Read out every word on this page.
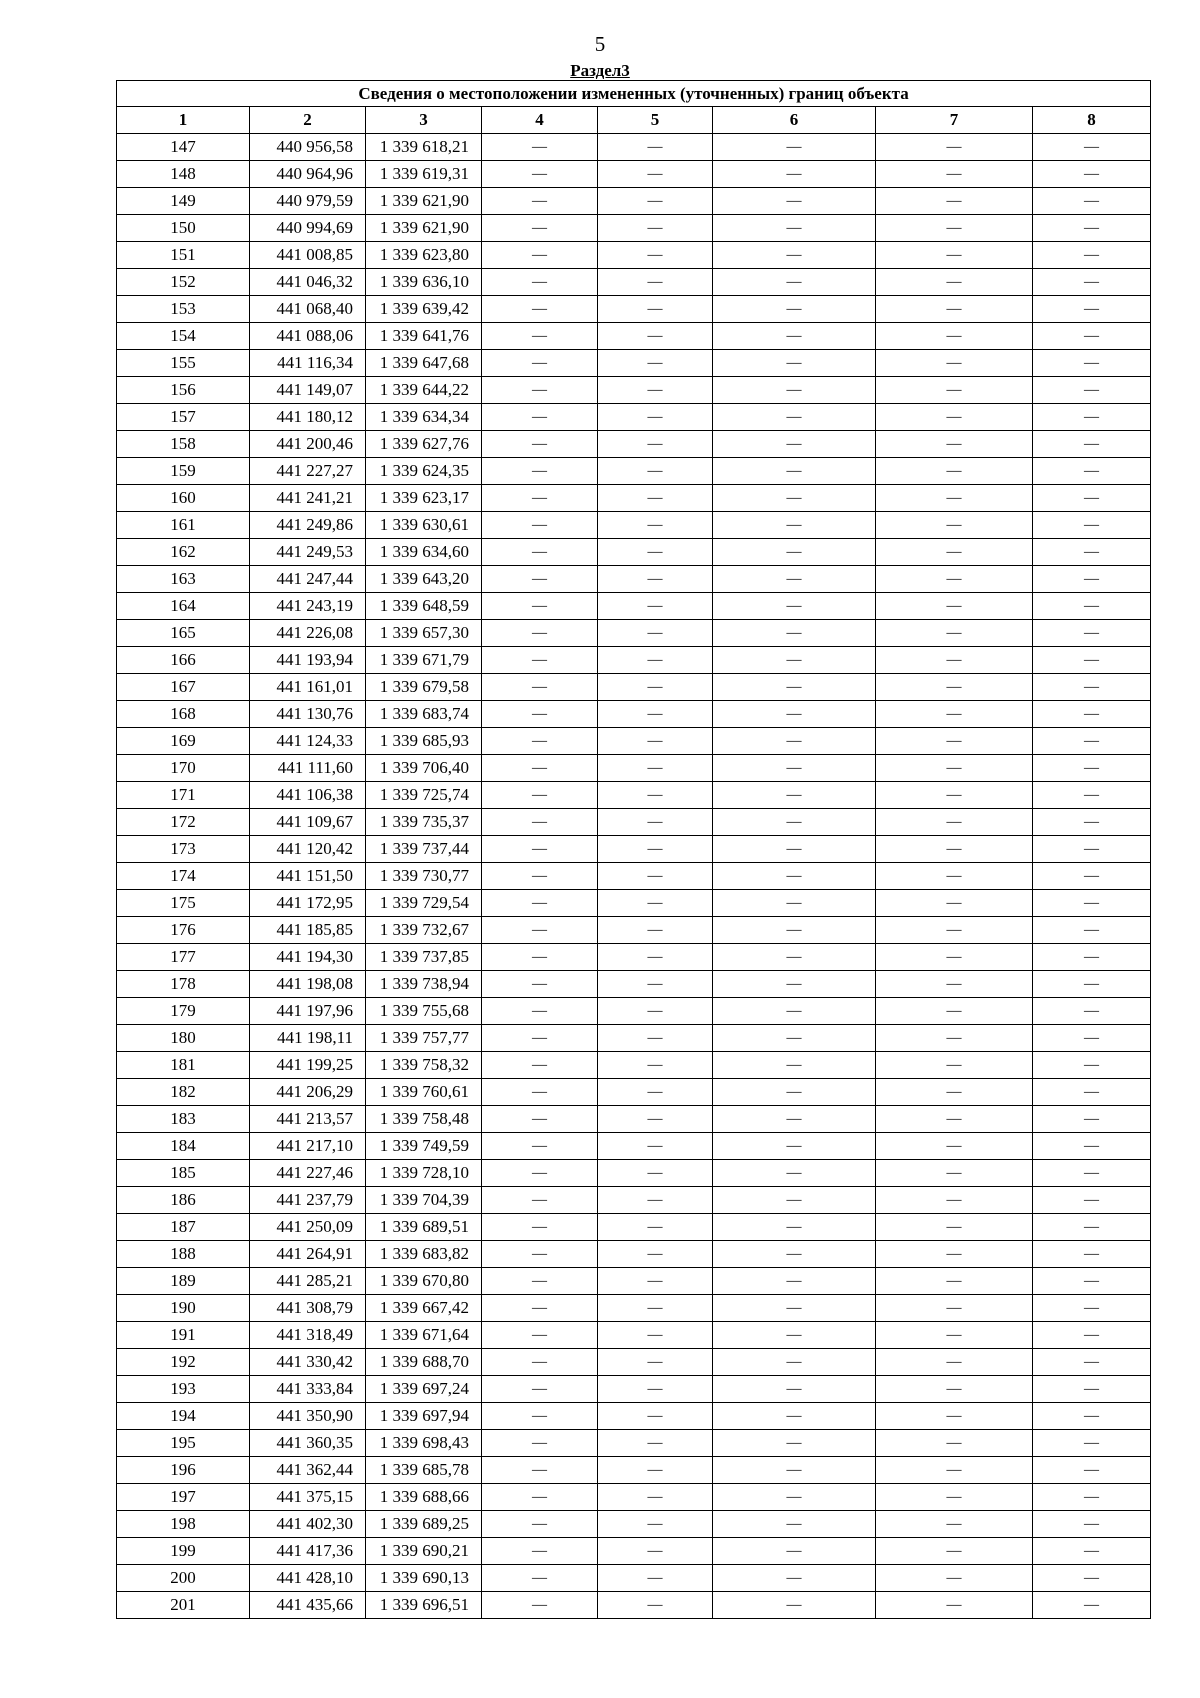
5
Раздел3
Сведения о местоположении измененных (уточненных) границ объекта							
1	2	3	4	5	6	7	8
147	440 956,58	1 339 618,21	—	—	—	—	—
148	440 964,96	1 339 619,31	—	—	—	—	—
149	440 979,59	1 339 621,90	—	—	—	—	—
150	440 994,69	1 339 621,90	—	—	—	—	—
151	441 008,85	1 339 623,80	—	—	—	—	—
152	441 046,32	1 339 636,10	—	—	—	—	—
153	441 068,40	1 339 639,42	—	—	—	—	—
154	441 088,06	1 339 641,76	—	—	—	—	—
155	441 116,34	1 339 647,68	—	—	—	—	—
156	441 149,07	1 339 644,22	—	—	—	—	—
157	441 180,12	1 339 634,34	—	—	—	—	—
158	441 200,46	1 339 627,76	—	—	—	—	—
159	441 227,27	1 339 624,35	—	—	—	—	—
160	441 241,21	1 339 623,17	—	—	—	—	—
161	441 249,86	1 339 630,61	—	—	—	—	—
162	441 249,53	1 339 634,60	—	—	—	—	—
163	441 247,44	1 339 643,20	—	—	—	—	—
164	441 243,19	1 339 648,59	—	—	—	—	—
165	441 226,08	1 339 657,30	—	—	—	—	—
166	441 193,94	1 339 671,79	—	—	—	—	—
167	441 161,01	1 339 679,58	—	—	—	—	—
168	441 130,76	1 339 683,74	—	—	—	—	—
169	441 124,33	1 339 685,93	—	—	—	—	—
170	441 111,60	1 339 706,40	—	—	—	—	—
171	441 106,38	1 339 725,74	—	—	—	—	—
172	441 109,67	1 339 735,37	—	—	—	—	—
173	441 120,42	1 339 737,44	—	—	—	—	—
174	441 151,50	1 339 730,77	—	—	—	—	—
175	441 172,95	1 339 729,54	—	—	—	—	—
176	441 185,85	1 339 732,67	—	—	—	—	—
177	441 194,30	1 339 737,85	—	—	—	—	—
178	441 198,08	1 339 738,94	—	—	—	—	—
179	441 197,96	1 339 755,68	—	—	—	—	—
180	441 198,11	1 339 757,77	—	—	—	—	—
181	441 199,25	1 339 758,32	—	—	—	—	—
182	441 206,29	1 339 760,61	—	—	—	—	—
183	441 213,57	1 339 758,48	—	—	—	—	—
184	441 217,10	1 339 749,59	—	—	—	—	—
185	441 227,46	1 339 728,10	—	—	—	—	—
186	441 237,79	1 339 704,39	—	—	—	—	—
187	441 250,09	1 339 689,51	—	—	—	—	—
188	441 264,91	1 339 683,82	—	—	—	—	—
189	441 285,21	1 339 670,80	—	—	—	—	—
190	441 308,79	1 339 667,42	—	—	—	—	—
191	441 318,49	1 339 671,64	—	—	—	—	—
192	441 330,42	1 339 688,70	—	—	—	—	—
193	441 333,84	1 339 697,24	—	—	—	—	—
194	441 350,90	1 339 697,94	—	—	—	—	—
195	441 360,35	1 339 698,43	—	—	—	—	—
196	441 362,44	1 339 685,78	—	—	—	—	—
197	441 375,15	1 339 688,66	—	—	—	—	—
198	441 402,30	1 339 689,25	—	—	—	—	—
199	441 417,36	1 339 690,21	—	—	—	—	—
200	441 428,10	1 339 690,13	—	—	—	—	—
201	441 435,66	1 339 696,51	—	—	—	—	—
